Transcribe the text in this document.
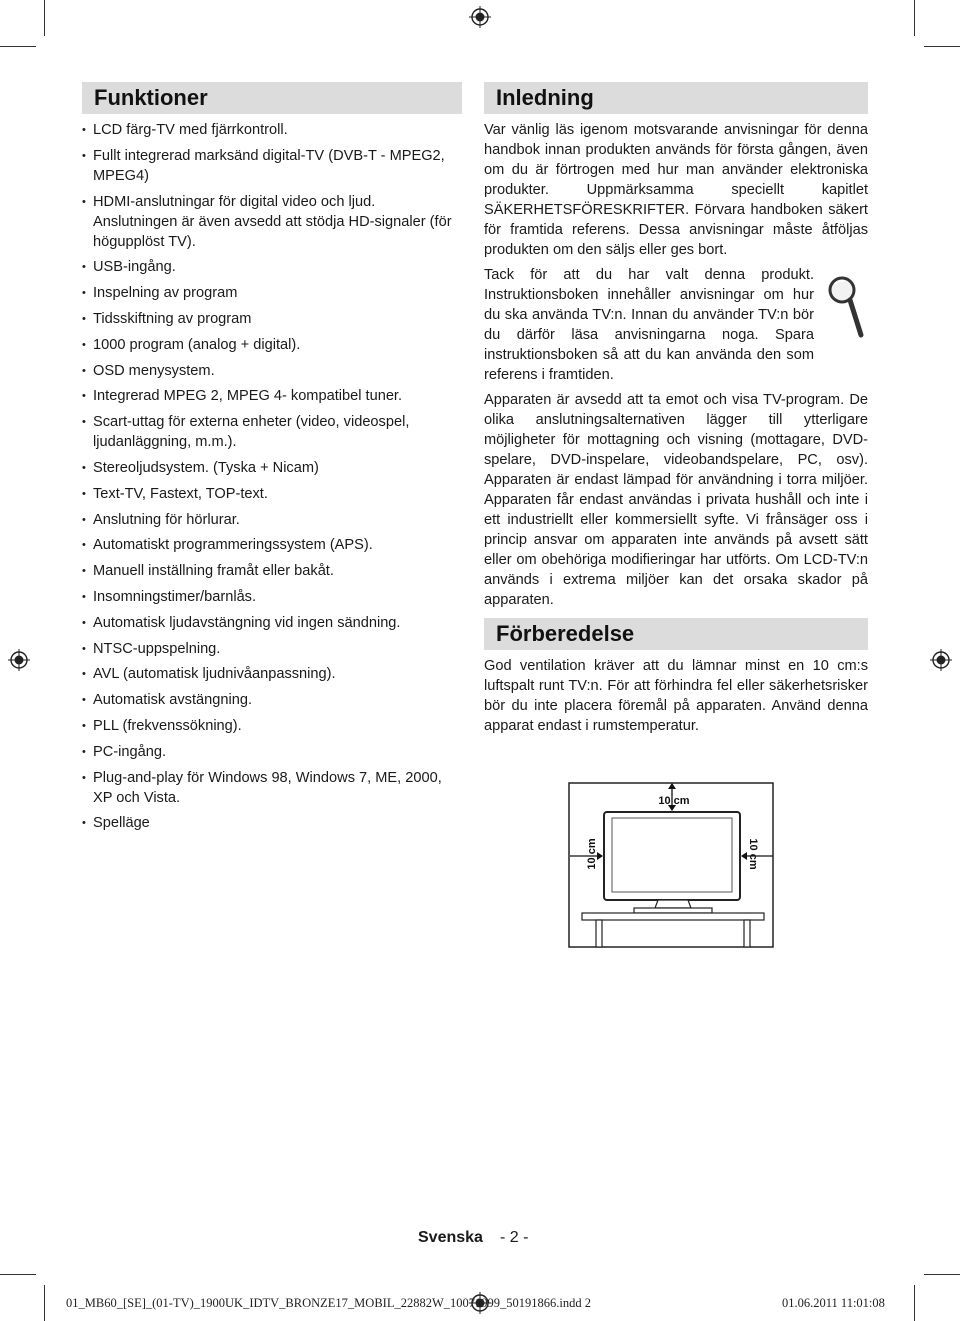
Funktioner
• LCD färg-TV med fjärrkontroll.
• Fullt integrerad marksänd digital-TV (DVB-T - MPEG2, MPEG4)
• HDMI-anslutningar för digital video och ljud. Anslutningen är även avsedd att stödja HD-signaler (för högupplöst TV).
• USB-ingång.
• Inspelning av program
• Tidsskiftning av program
• 1000 program (analog + digital).
• OSD menysystem.
• Integrerad MPEG 2, MPEG 4- kompatibel tuner.
• Scart-uttag för externa enheter (video, videospel, ljudanläggning, m.m.).
• Stereoljudsystem. (Tyska + Nicam)
• Text-TV, Fastext, TOP-text.
• Anslutning för hörlurar.
• Automatiskt programmeringssystem (APS).
• Manuell inställning framåt eller bakåt.
• Insomningstimer/barnlås.
• Automatisk ljudavstängning vid ingen sändning.
• NTSC-uppspelning.
• AVL (automatisk ljudnivåanpassning).
• Automatisk avstängning.
• PLL (frekvenssökning).
• PC-ingång.
• Plug-and-play för Windows 98, Windows 7, ME, 2000, XP och Vista.
• Spelläge
Inledning

Var vänlig läs igenom motsvarande anvisningar för denna handbok innan produkten används för första gången, även om du är förtrogen med hur man använder elektroniska produkter. Uppmärksamma speciellt kapitlet SÄKERHETSFÖRESKRIFTER. Förvara handboken säkert för framtida referens. Dessa anvisningar måste åtföljas produkten om den säljs eller ges bort.

Tack för att du har valt denna produkt. Instruktionsboken innehåller anvisningar om hur du ska använda TV:n. Innan du använder TV:n bör du därför läsa anvisningarna noga. Spara instruktionsboken så att du kan använda den som referens i framtiden.

Apparaten är avsedd att ta emot och visa TV-program. De olika anslutningsalternativen lägger till ytterligare möjligheter för mottagning och visning (mottagare, DVD-spelare, DVD-inspelare, videobandspelare, PC, osv). Apparaten är endast lämpad för användning i torra miljöer. Apparaten får endast användas i privata hushåll och inte i ett industriellt eller kommersiellt syfte. Vi frånsäger oss i princip ansvar om apparaten inte används på avsett sätt eller om obehöriga modifieringar har utförts. Om LCD-TV:n används i extrema miljöer kan det orsaka skador på apparaten.

Förberedelse

God ventilation kräver att du lämnar minst en 10 cm:s luftspalt runt TV:n. För att förhindra fel eller säkerhetsrisker bör du inte placera föremål på apparaten. Använd denna apparat endast i rumstemperatur.

10 cm
10 cm	10 cm
Svenska - 2 -
01_MB60_[SE]_(01-TV)_1900UK_IDTV_BRONZE17_MOBIL_22882W_10071999_50191866.indd 2	01.06.2011 11:01:08
